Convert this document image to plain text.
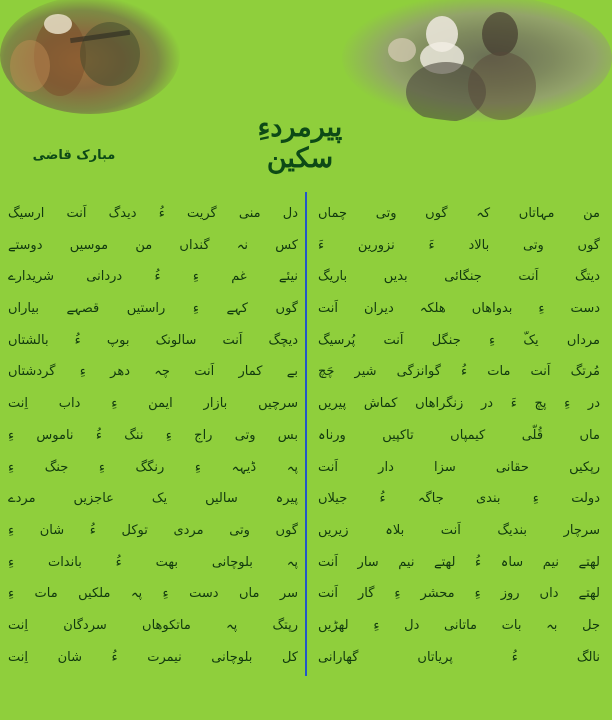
پیرمردءِ سکین
مبارک قاضی
من مہاتاں کہ گوں وتی چماں
گوں وتی بالاد ءَ نزورین ءَ
دیتگ اَنت جنگائی بدیں باریگ
دست ءِ بدواھاں ھلکہ دیران اَنت
مرداں یکّ ءِ جنگل اَنت پُرسیگ
مُرتگ اَنت مات ءُ گوانزگی شیر چَچ
در ءِ پچ ءَ در زنگراھاں کماش پیریں
ماں قُلّی کیمپاں تاکپیں ورناہ
رپکیں حقانی سزا دار اَنت
دولت ءِ بندی جاگہ ءُ جیلاں
سرچار بندیگ اَنت بلاہ زیریں
لھتے نیم ساہ ءُ لھتے نیم سار اَنت
لھتے داں روز ءِ محشر ءِ گار اَنت
جل بہ بات ماتانی دل ءِ لھڑیں
نالگ ءُ پریاتاں گھارانی
دل منی گریت ءُ دیدگ اَنت ارسیگ
کس نہ گنداں من موسیں دوستے
نیئے غم ءِ ءُ دردانی شریدارے
گوں کہے ءِ راستیں قصہے بیاراں
دیچگ اَنت سالونک بوپ ءُ بالشتاں
بے کمار اَنت چہ دھر ءِ گردشتاں
سرچیں بازار ایمن ءِ داب اِنت
بس وتی راج ءِ ننگ ءُ ناموس ءِ
پہ ڈیہہ ءِ رنگگ ءِ جنگ ءِ
پیرہ سالیں یک عاجزیں مردے
گوں وتی مردی توکل ءُ شان ءِ
پہ بلوچانی بھت ءُ باندات ءِ
سر ماں دست ءِ پہ ملکیں مات ءِ
رپتگ پہ ماتکوھاں سردگان اِنت
کل بلوچانی نیمرت ءُ شان اِنت
